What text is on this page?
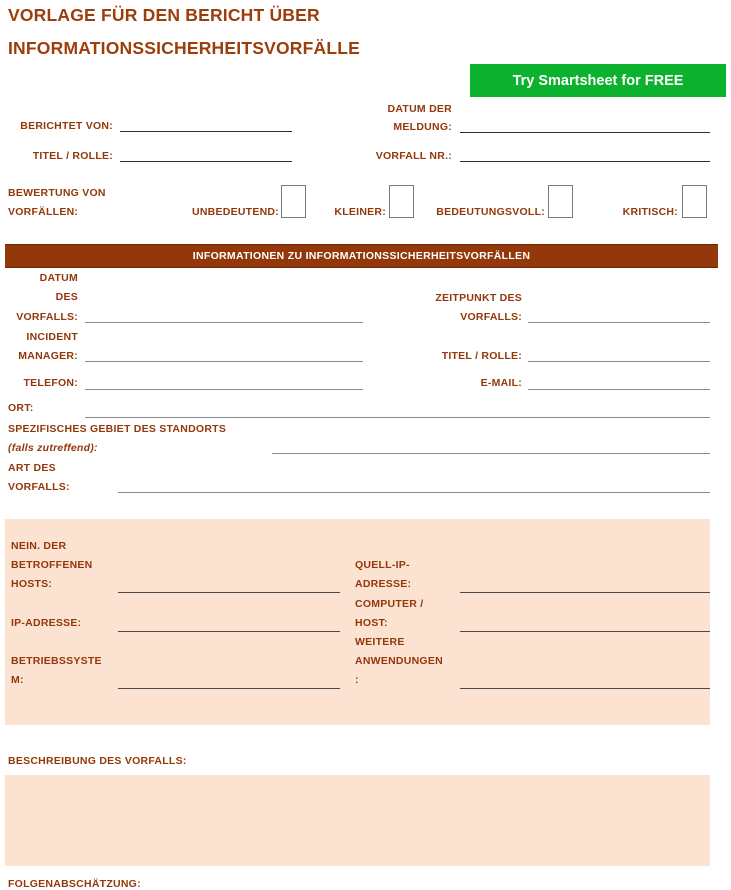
VORLAGE FÜR DEN BERICHT ÜBER
INFORMATIONSSICHERHEITSVORFÄLLE
Try Smartsheet for FREE
BERICHTET VON:
TITEL / ROLLE:
DATUM DER
MELDUNG:
VORFALL NR.:
BEWERTUNG VON
VORFÄLLEN:	UNBEDEUTEND:	KLEINER:	BEDEUTUNGSVOLL:	KRITISCH:
INFORMATIONEN ZU INFORMATIONSSICHERHEITSVORFÄLLEN
DATUM
DES
VORFALLS:
INCIDENT
MANAGER:
TELEFON:
ZEITPUNKT DES
VORFALLS:
TITEL / ROLLE:
E-MAIL:
ORT:
SPEZIFISCHES GEBIET DES STANDORTS
(falls zutreffend):
ART DES
VORFALLS:
NEIN. DER
BETROFFENEN
HOSTS:
IP-ADRESSE:
BETRIEBSSYSTE
M:
QUELL-IP-
ADRESSE:
COMPUTER /
HOST:
WEITERE
ANWENDUNGEN
:
BESCHREIBUNG DES VORFALLS:
FOLGENABSCHÄTZUNG:
